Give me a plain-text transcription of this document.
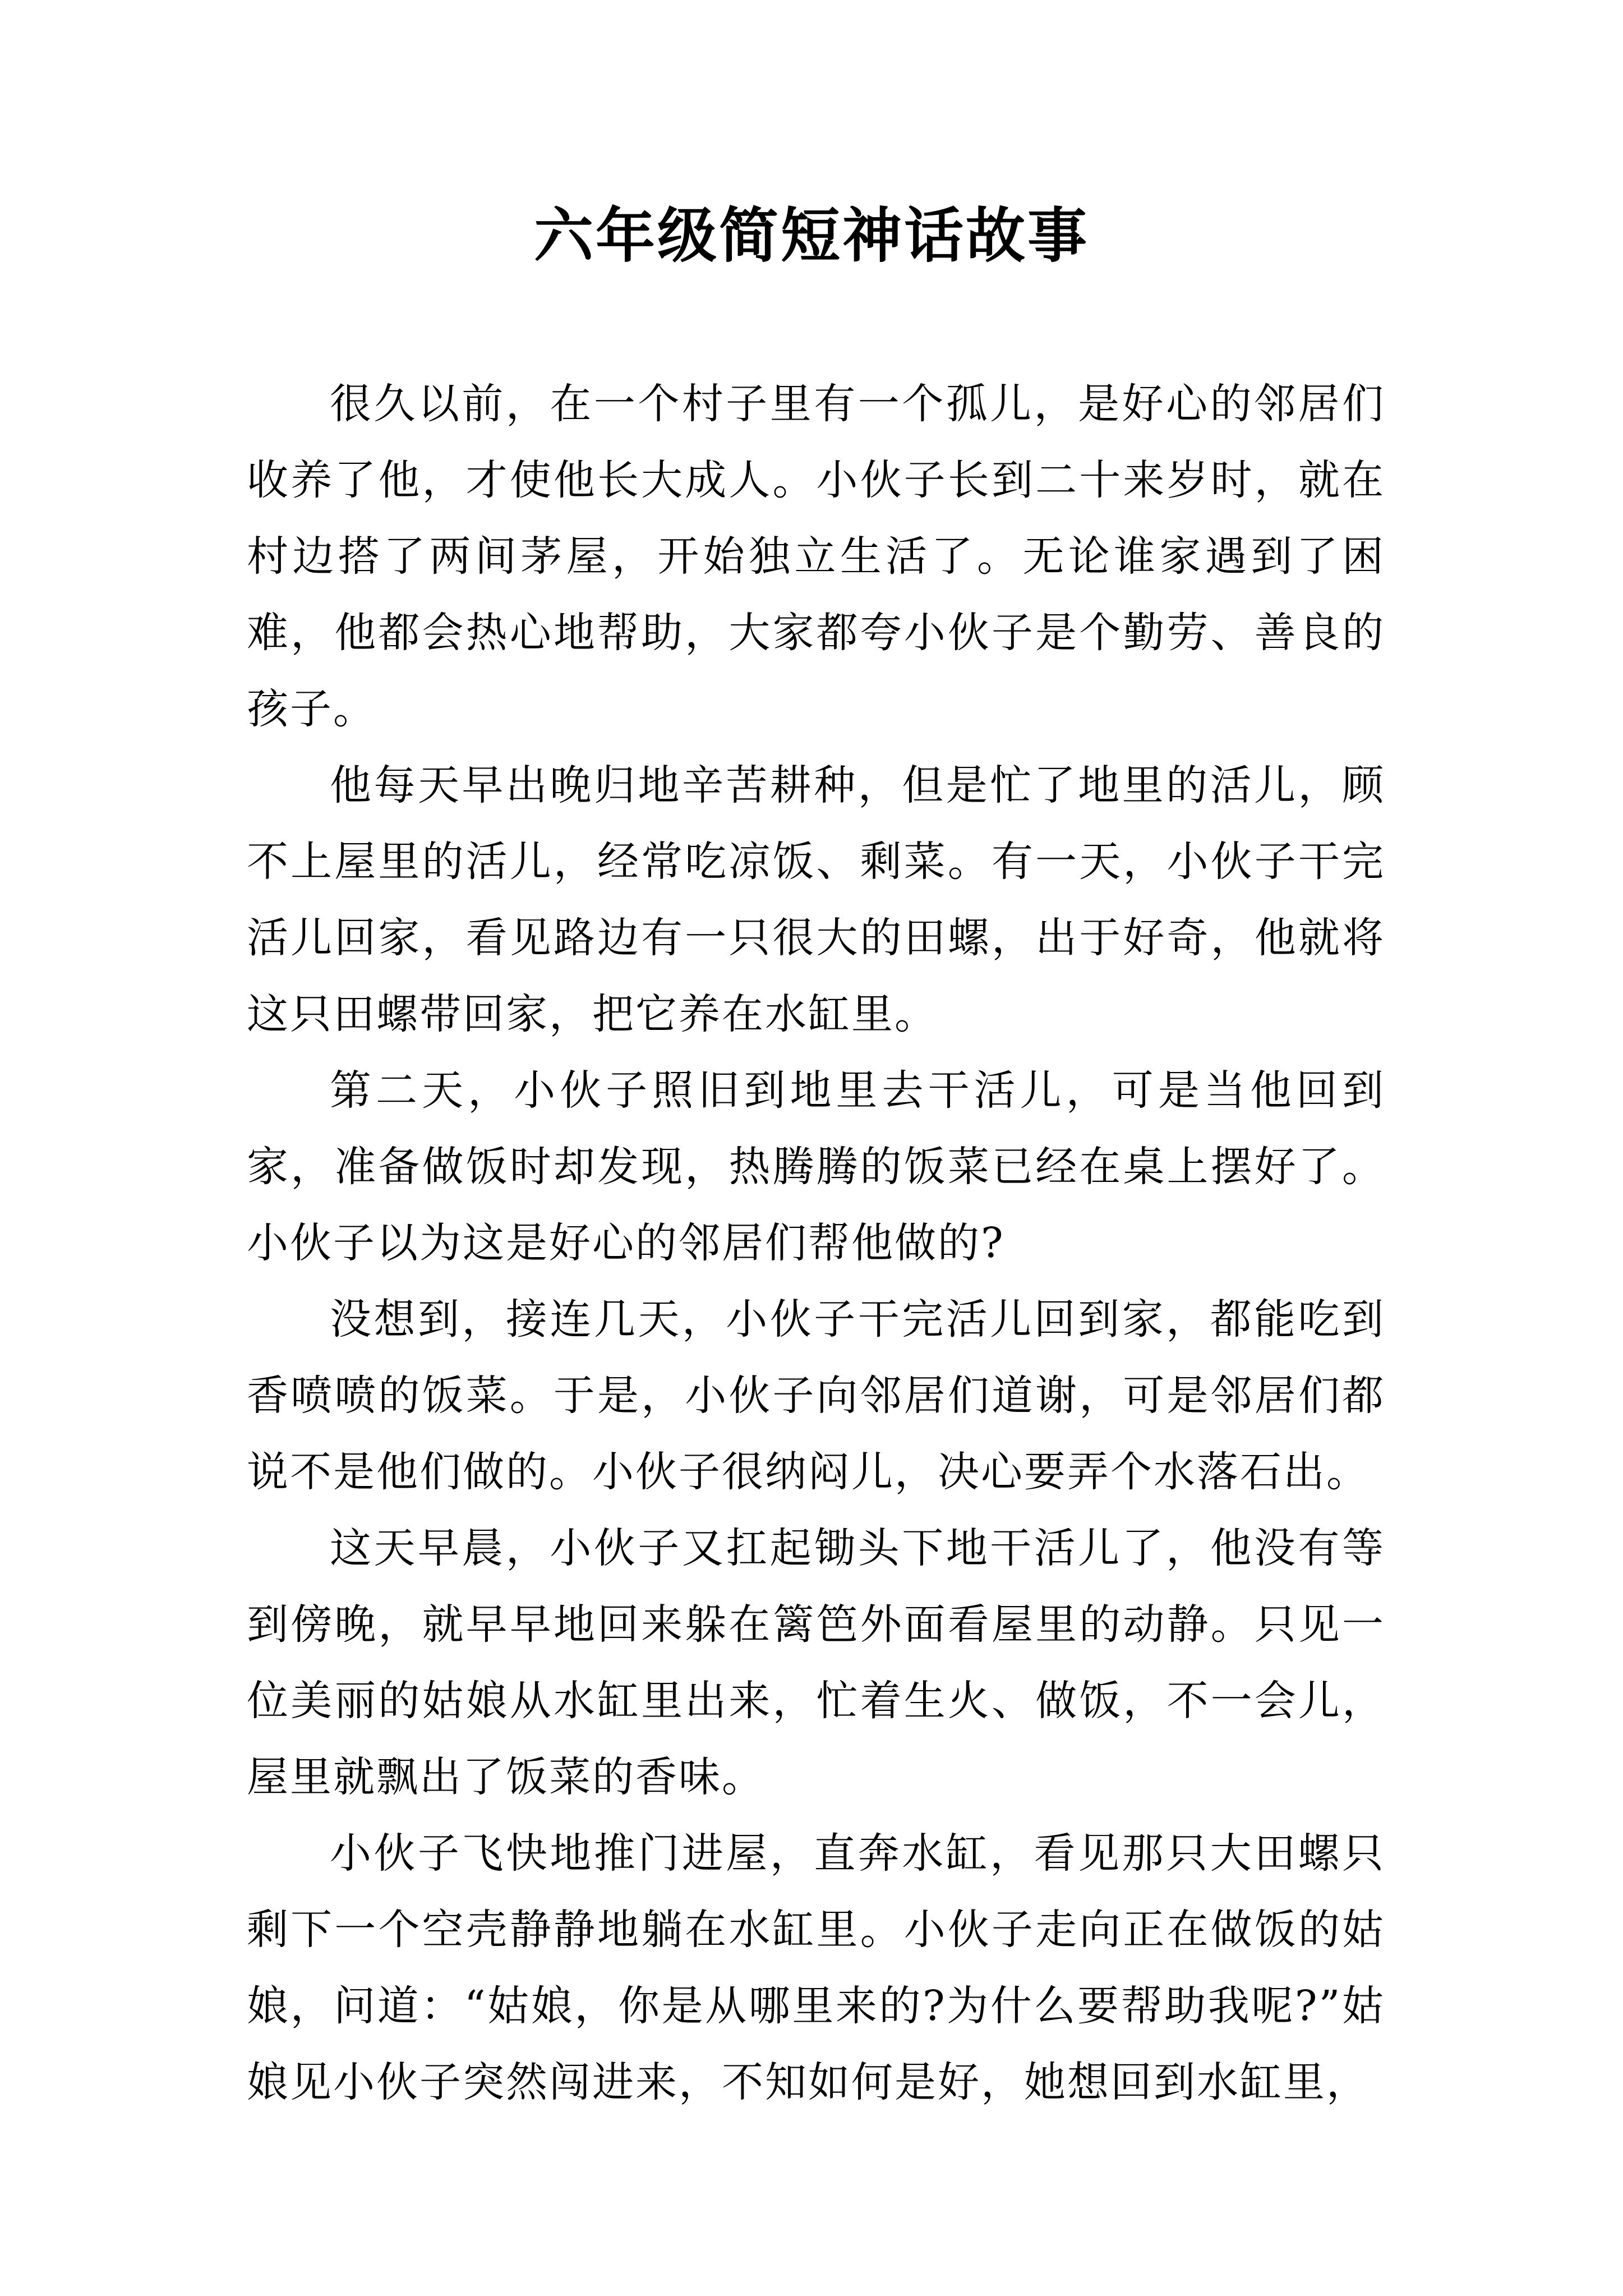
六年级简短神话故事

很久以前，在一个村子里有一个孤儿，是好心的邻居们收养了他，才使他长大成人。小伙子长到二十来岁时，就在村边搭了两间茅屋，开始独立生活了。无论谁家遇到了困难，他都会热心地帮助，大家都夸小伙子是个勤劳、善良的孩子。

他每天早出晚归地辛苦耕种，但是忙了地里的活儿，顾不上屋里的活儿，经常吃凉饭、剩菜。有一天，小伙子干完活儿回家，看见路边有一只很大的田螺，出于好奇，他就将这只田螺带回家，把它养在水缸里。

第二天，小伙子照旧到地里去干活儿，可是当他回到家，准备做饭时却发现，热腾腾的饭菜已经在桌上摆好了。小伙子以为这是好心的邻居们帮他做的?

没想到，接连几天，小伙子干完活儿回到家，都能吃到香喷喷的饭菜。于是，小伙子向邻居们道谢，可是邻居们都说不是他们做的。小伙子很纳闷儿，决心要弄个水落石出。

这天早晨，小伙子又扛起锄头下地干活儿了，他没有等到傍晚，就早早地回来躲在篱笆外面看屋里的动静。只见一位美丽的姑娘从水缸里出来，忙着生火、做饭，不一会儿，屋里就飘出了饭菜的香味。

小伙子飞快地推门进屋，直奔水缸，看见那只大田螺只剩下一个空壳静静地躺在水缸里。小伙子走向正在做饭的姑娘，问道：“姑娘，你是从哪里来的?为什么要帮助我呢?”姑娘见小伙子突然闯进来，不知如何是好，她想回到水缸里，
